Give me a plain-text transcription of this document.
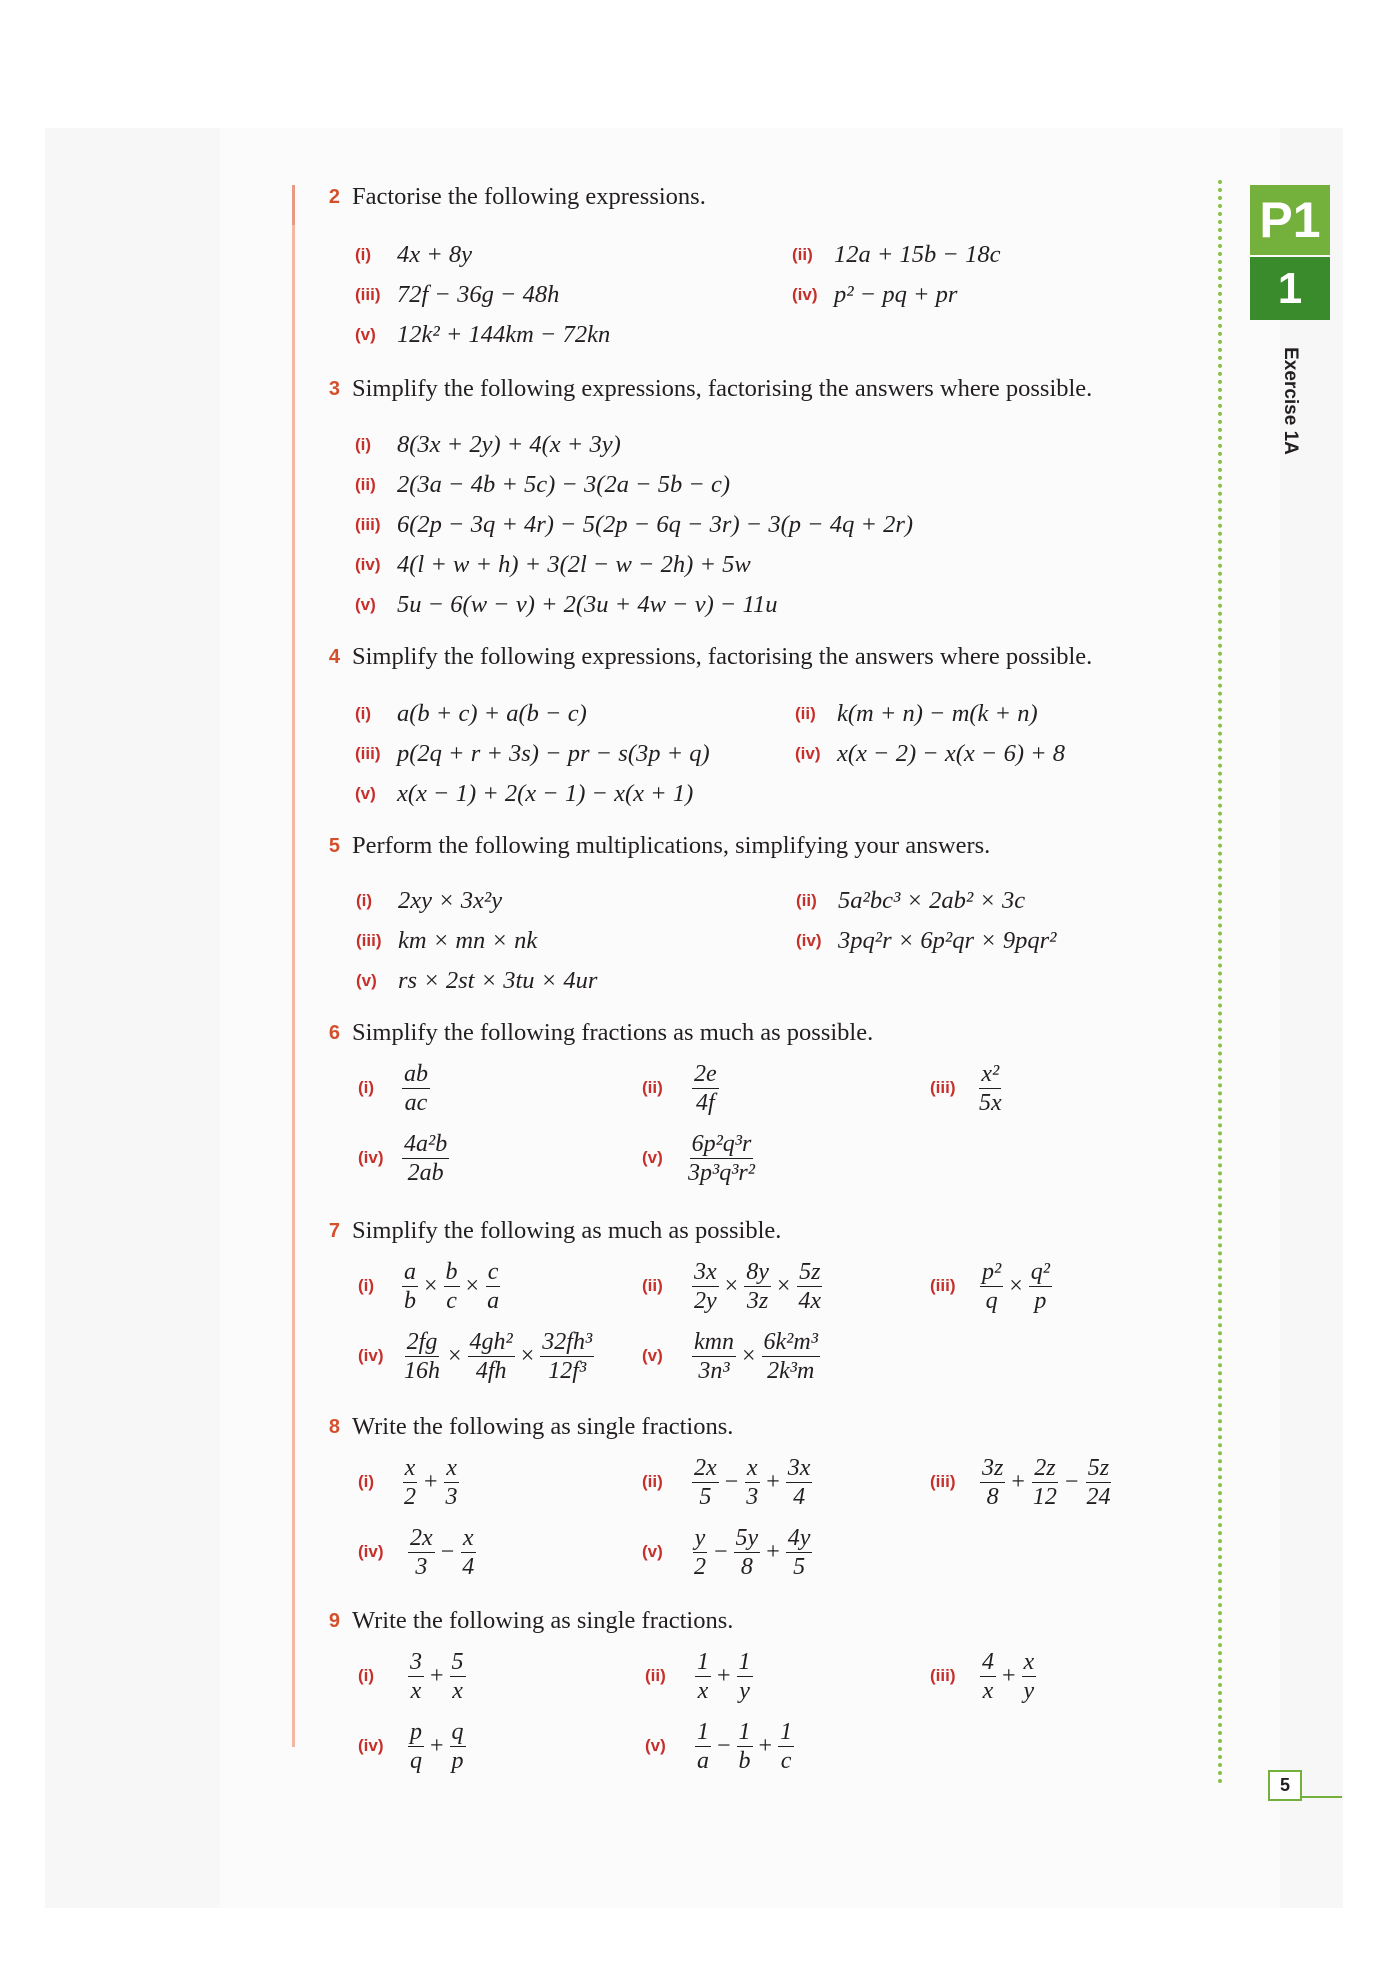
P1
1
Exercise 1A
5
2 Factorise the following expressions.
(i) 4x + 8y	(ii) 12a + 15b − 18c
(iii) 72f − 36g − 48h	(iv) p² − pq + pr
(v) 12k² + 144km − 72kn
3 Simplify the following expressions, factorising the answers where possible.
(i) 8(3x + 2y) + 4(x + 3y)
(ii) 2(3a − 4b + 5c) − 3(2a − 5b − c)
(iii) 6(2p − 3q + 4r) − 5(2p − 6q − 3r) − 3(p − 4q + 2r)
(iv) 4(l + w + h) + 3(2l − w − 2h) + 5w
(v) 5u − 6(w − v) + 2(3u + 4w − v) − 11u
4 Simplify the following expressions, factorising the answers where possible.
(i) a(b + c) + a(b − c)	(ii) k(m + n) − m(k + n)
(iii) p(2q + r + 3s) − pr − s(3p + q)	(iv) x(x − 2) − x(x − 6) + 8
(v) x(x − 1) + 2(x − 1) − x(x + 1)
5 Perform the following multiplications, simplifying your answers.
(i) 2xy × 3x²y	(ii) 5a²bc³ × 2ab² × 3c
(iii) km × mn × nk	(iv) 3pq²r × 6p²qr × 9pqr²
(v) rs × 2st × 3tu × 4ur
6 Simplify the following fractions as much as possible.
$(i) \frac{ab}{ac}$	$(ii) \frac{2e}{4f}$	$(iii) \frac{\text{x²}}{5x}$
$(iv) \frac{\text{4a²b}}{2ab}$	$(v) \frac{\text{6p²q³r}}{\text{3p³q³r²}}$
7 Simplify the following as much as possible.
$(i) \frac{a}{b} \times \frac{b}{c} \times \frac{c}{a}$	$(ii) \frac{3x}{2y} \times \frac{8y}{3z} \times \frac{5z}{4x}$	$(iii) \frac{\text{p²}}{q} \times \frac{\text{q²}}{p}$
$(iv) \frac{2fg}{16h} \times \frac{\text{4gh²}}{4fh} \times \frac{\text{32fh³}}{\text{12f³}}$	$(v) \frac{\text{kmn}}{\text{3n³}} \times \frac{\text{6k²m³}}{\text{2k³m}}$
8 Write the following as single fractions.
$(i) \frac{x}{2} + \frac{x}{3}$	$(ii) \frac{2x}{5} - \frac{x}{3} + \frac{3x}{4}$	$(iii) \frac{3z}{8} + \frac{2z}{12} - \frac{5z}{24}$
$(iv) \frac{2x}{3} - \frac{x}{4}$	$(v) \frac{y}{2} - \frac{5y}{8} + \frac{4y}{5}$
9 Write the following as single fractions.
$(i) \frac{3}{x} + \frac{5}{x}$	$(ii) \frac{1}{x} + \frac{1}{y}$	$(iii) \frac{4}{x} + \frac{x}{y}$
$(iv) \frac{p}{q} + \frac{q}{p}$	$(v) \frac{1}{a} - \frac{1}{b} + \frac{1}{c}$
